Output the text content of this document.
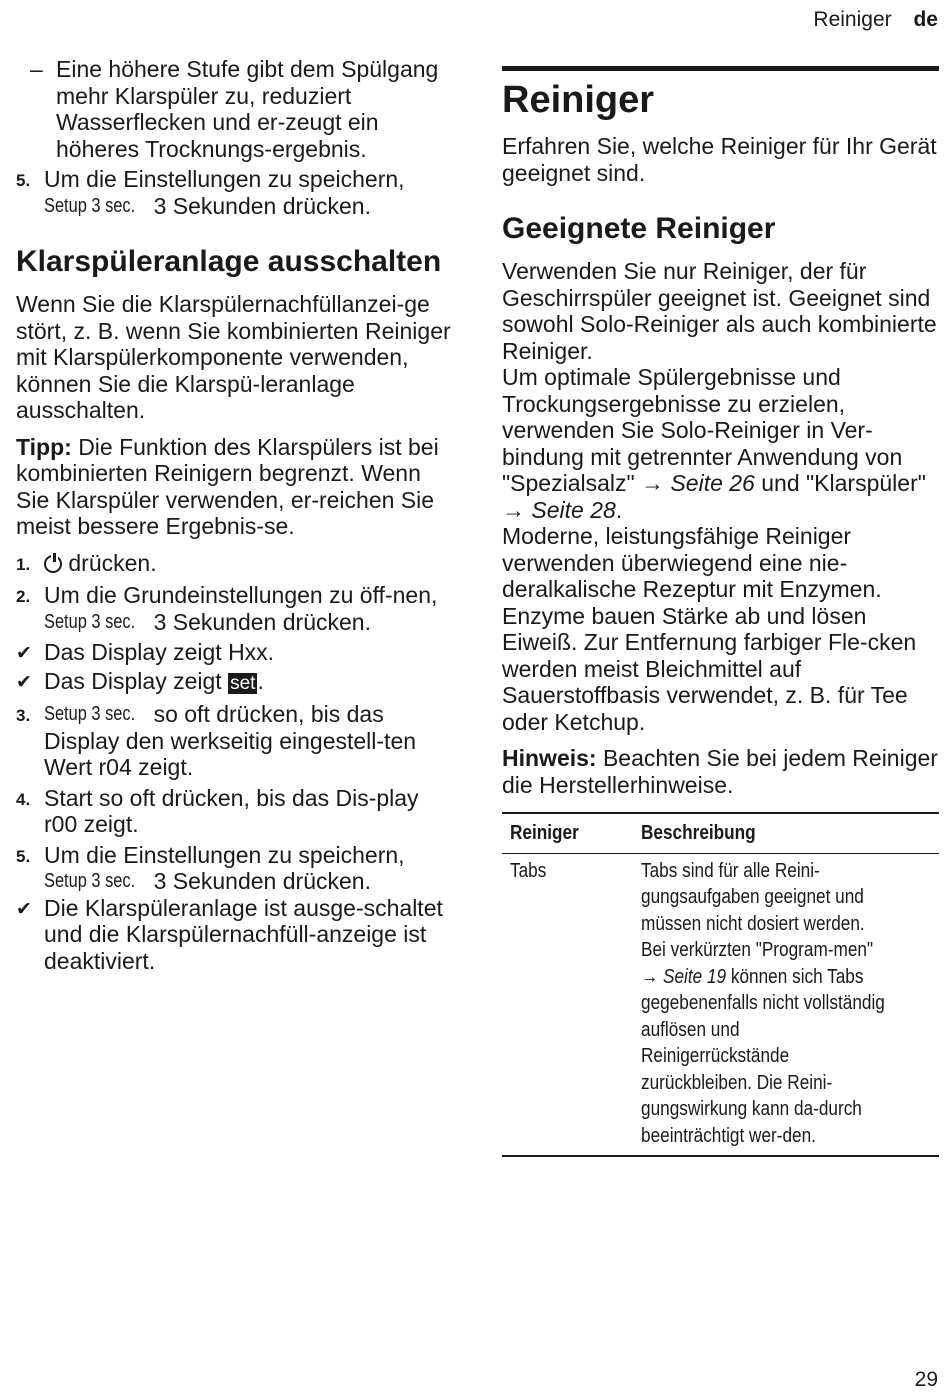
Reiniger de
– Eine höhere Stufe gibt dem Spülgang mehr Klarspüler zu, reduziert Wasserflecken und er-zeugt ein höheres Trocknungs-ergebnis.
5. Um die Einstellungen zu speichern,
Setup 3 sec. 3 Sekunden drücken.
Klarspüleranlage ausschalten

Wenn Sie die Klarspülernachfüllanzei-ge stört, z. B. wenn Sie kombinierten Reiniger mit Klarspülerkomponente verwenden, können Sie die Klarspü-leranlage ausschalten.

Tipp: Die Funktion des Klarspülers ist bei kombinierten Reinigern begrenzt. Wenn Sie Klarspüler verwenden, er-reichen Sie meist bessere Ergebnis-se.

1.	drücken.
2. Um die Grundeinstellungen zu öff-nen, Setup 3 sec. 3 Sekunden drücken.
✔ Das Display zeigt Hxx.
✔ Das Display zeigt set.
3. Setup 3 sec. so oft drücken, bis das Display den werkseitig eingestell-ten Wert r04 zeigt.
4. Start so oft drücken, bis das Dis-play r00 zeigt.
5. Um die Einstellungen zu speichern,
Setup 3 sec. 3 Sekunden drücken.
✔ Die Klarspüleranlage ist ausge-schaltet und die Klarspülernachfüll-anzeige ist deaktiviert.
Reiniger

Erfahren Sie, welche Reiniger für Ihr Gerät geeignet sind.

Geeignete Reiniger

Verwenden Sie nur Reiniger, der für Geschirrspüler geeignet ist. Geeignet sind sowohl Solo-Reiniger als auch kombinierte Reiniger.

Um optimale Spülergebnisse und Trockungsergebnisse zu erzielen, verwenden Sie Solo-Reiniger in Ver-bindung mit getrennter Anwendung von "Spezialsalz" → Seite 26 und "Klarspüler" → Seite 28.

Moderne, leistungsfähige Reiniger verwenden überwiegend eine nie-deralkalische Rezeptur mit Enzymen. Enzyme bauen Stärke ab und lösen Eiweiß. Zur Entfernung farbiger Fle-cken werden meist Bleichmittel auf Sauerstoffbasis verwendet, z. B. für Tee oder Ketchup.

Hinweis: Beachten Sie bei jedem Reiniger die Herstellerhinweise.

Reiniger	Beschreibung
Tabs	Tabs sind für alle Reini-gungsaufgaben geeignet und müssen nicht dosiert werden.
Bei verkürzten "Program-men" → Seite 19 können sich Tabs gegebenenfalls nicht vollständig auflösen und Reinigerrückstände zurückbleiben. Die Reini-gungswirkung kann da-durch beeinträchtigt wer-den.
29
